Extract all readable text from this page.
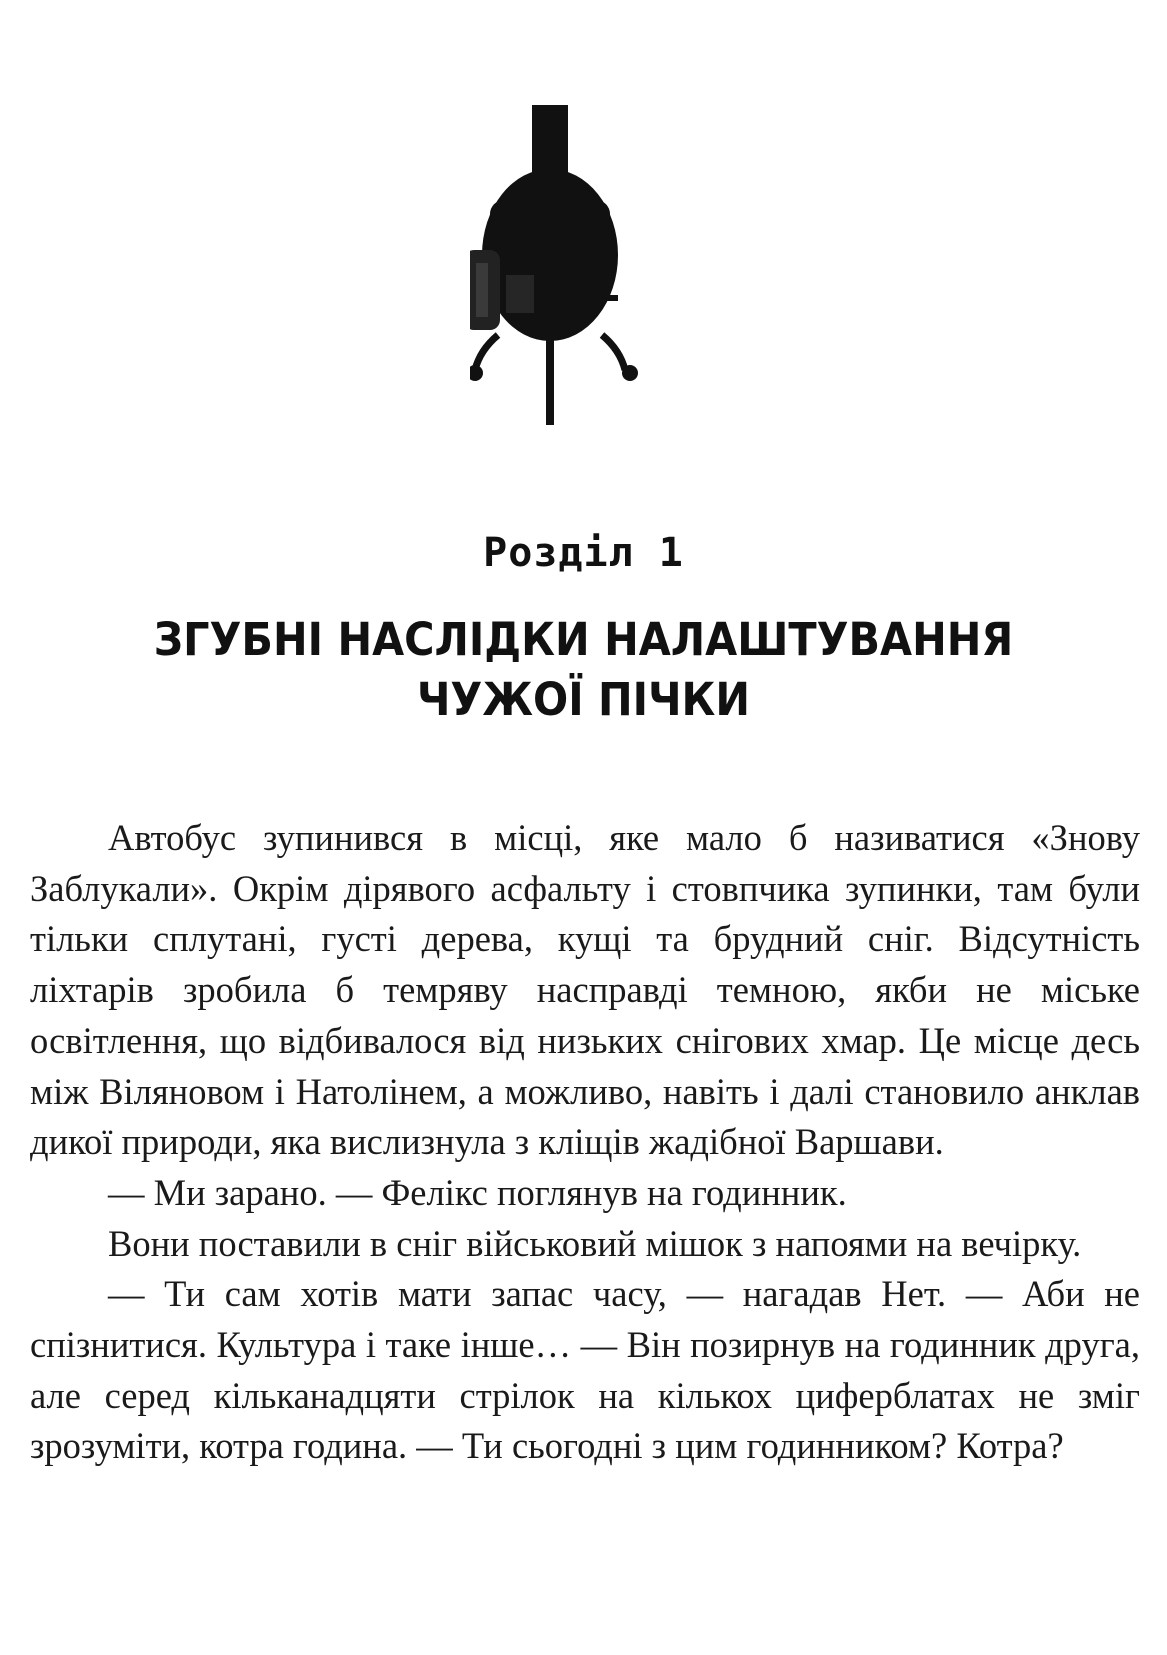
Розділ 1
ЗГУБНІ НАСЛІДКИ НАЛАШТУВАННЯ
ЧУЖОЇ ПІЧКИ

Автобус зупинився в місці, яке мало б називатися «Знову Заблукали». Окрім дірявого асфальту і стовпчика зупинки, там були тільки сплутані, густі дерева, кущі та брудний сніг. Відсутність ліхтарів зробила б темряву насправді темною, якби не міське освітлення, що відбивалося від низьких снігових хмар. Це місце десь між Віляновом і Натолінем, а можливо, навіть і далі становило анклав дикої природи, яка вислизнула з кліщів жадібної Варшави.

— Ми зарано. — Фелікс поглянув на годинник.

Вони поставили в сніг військовий мішок з напоями на вечірку.

— Ти сам хотів мати запас часу, — нагадав Нет. — Аби не спізнитися. Культура і таке інше… — Він позирнув на годинник друга, але серед кільканадцяти стрілок на кількох циферблатах не зміг зрозуміти, котра година. — Ти сьогодні з цим годинником? Котра?
